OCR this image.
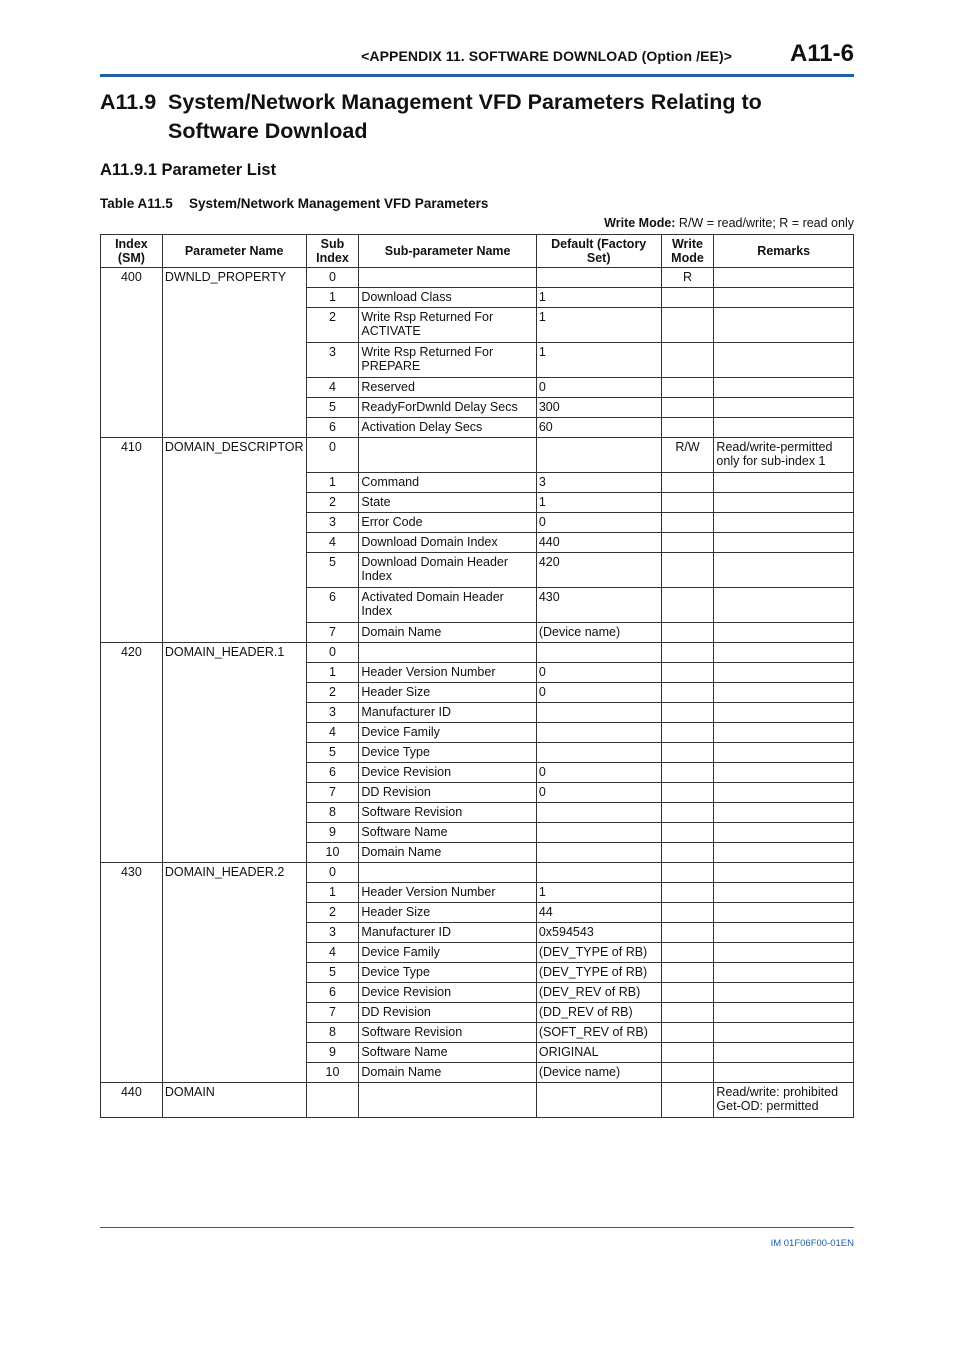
<APPENDIX 11. SOFTWARE DOWNLOAD (Option /EE)> A11-6
A11.9 System/Network Management VFD Parameters Relating to
Software Download
A11.9.1 Parameter List
Table A11.5 System/Network Management VFD Parameters
Write Mode: R/W = read/write; R = read only
Index (SM)	Parameter Name	Sub Index	Sub-parameter Name	Default (Factory Set)	Write Mode	Remarks
400	DWNLD_PROPERTY	0			R	
		1	Download Class	1		
		2	Write Rsp Returned For ACTIVATE	1		
		3	Write Rsp Returned For PREPARE	1		
		4	Reserved	0		
		5	ReadyForDwnld Delay Secs	300		
		6	Activation Delay Secs	60		
410	DOMAIN_DESCRIPTOR	0			R/W	Read/write-permitted only for sub-index 1
		1	Command	3		
		2	State	1		
		3	Error Code	0		
		4	Download Domain Index	440		
		5	Download Domain Header Index	420		
		6	Activated Domain Header Index	430		
		7	Domain Name	(Device name)		
420	DOMAIN_HEADER.1	0				
		1	Header Version Number	0		
		2	Header Size	0		
		3	Manufacturer ID			
		4	Device Family			
		5	Device Type			
		6	Device Revision	0		
		7	DD Revision	0		
		8	Software Revision			
		9	Software Name			
		10	Domain Name			
430	DOMAIN_HEADER.2	0				
		1	Header Version Number	1		
		2	Header Size	44		
		3	Manufacturer ID	0x594543		
		4	Device Family	(DEV_TYPE of RB)		
		5	Device Type	(DEV_TYPE of RB)		
		6	Device Revision	(DEV_REV of RB)		
		7	DD Revision	(DD_REV of RB)		
		8	Software Revision	(SOFT_REV of RB)		
		9	Software Name	ORIGINAL		
		10	Domain Name	(Device name)		
440	DOMAIN					Read/write: prohibited Get-OD: permitted
IM 01F06F00-01EN
